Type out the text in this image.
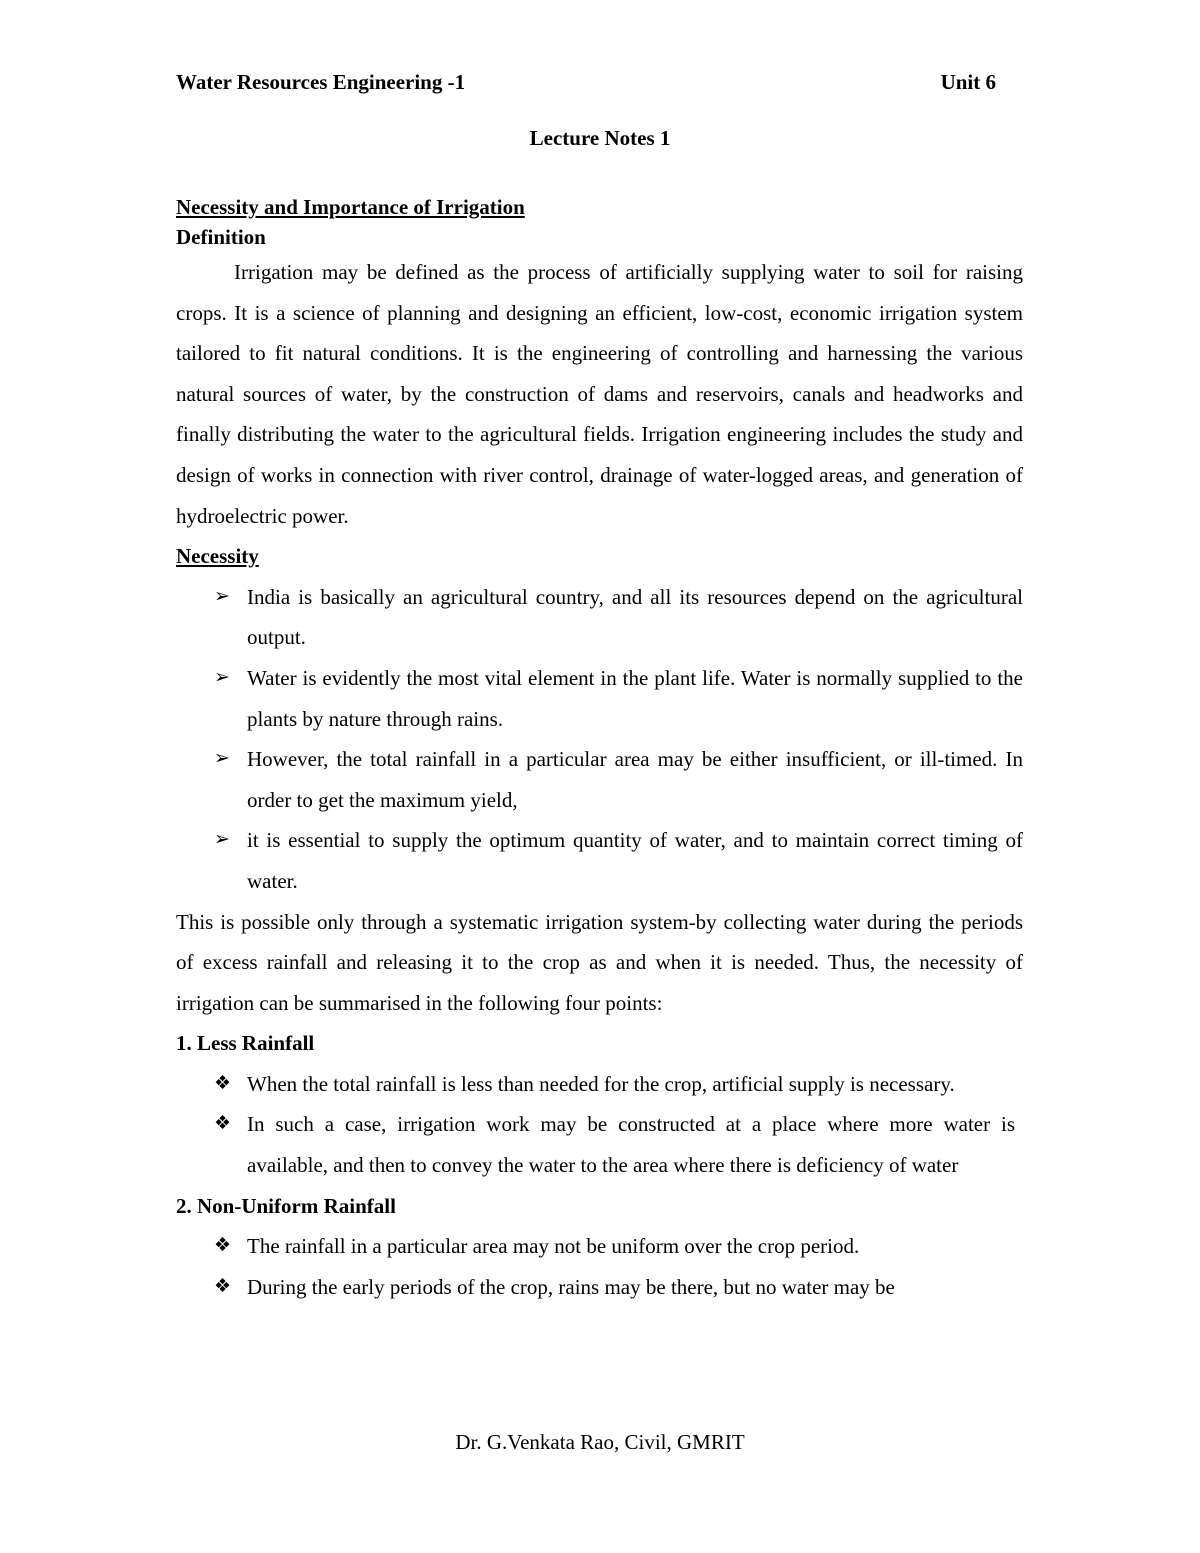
Water Resources Engineering -1	Unit 6
Lecture Notes 1

Necessity and Importance of Irrigation

Definition

Irrigation may be defined as the process of artificially supplying water to soil for raising crops. It is a science of planning and designing an efficient, low-cost, economic irrigation system tailored to fit natural conditions. It is the engineering of controlling and harnessing the various natural sources of water, by the construction of dams and reservoirs, canals and headworks and finally distributing the water to the agricultural fields. Irrigation engineering includes the study and design of works in connection with river control, drainage of water-logged areas, and generation of hydroelectric power.

Necessity

➢ India is basically an agricultural country, and all its resources depend on the agricultural output.
➢ Water is evidently the most vital element in the plant life. Water is normally supplied to the plants by nature through rains.
➢ However, the total rainfall in a particular area may be either insufficient, or ill-timed. In order to get the maximum yield,
➢ it is essential to supply the optimum quantity of water, and to maintain correct timing of water.

This is possible only through a systematic irrigation system-by collecting water during the periods of excess rainfall and releasing it to the crop as and when it is needed. Thus, the necessity of irrigation can be summarised in the following four points:

1. Less Rainfall

❖ When the total rainfall is less than needed for the crop, artificial supply is necessary.
❖ In such a case, irrigation work may be constructed at a place where more water is available, and then to convey the water to the area where there is deficiency of water

2. Non-Uniform Rainfall

❖ The rainfall in a particular area may not be uniform over the crop period.
❖ During the early periods of the crop, rains may be there, but no water may be
Dr. G.Venkata Rao, Civil, GMRIT
